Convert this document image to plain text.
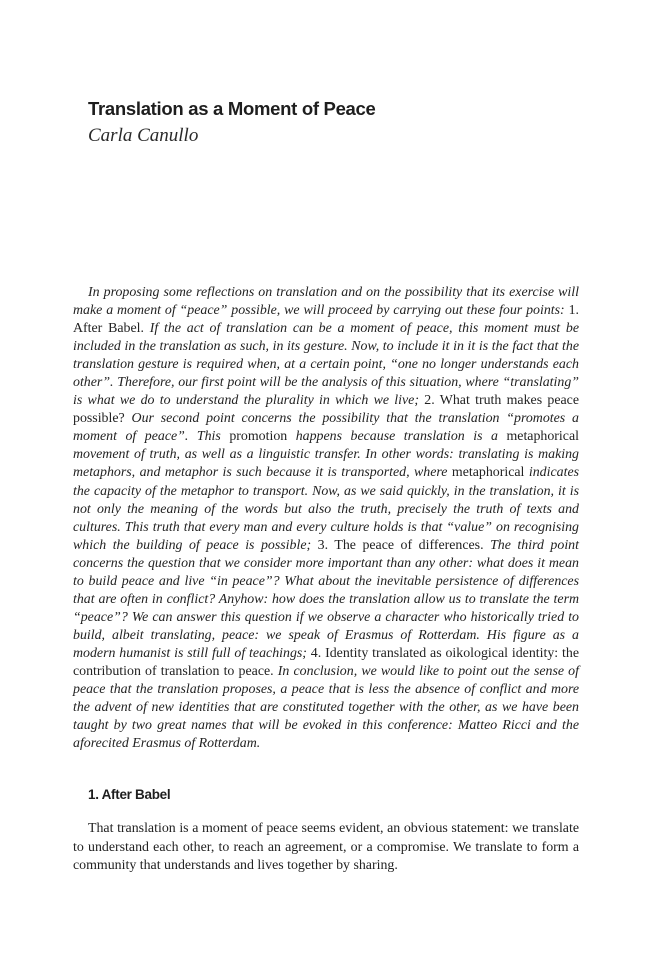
Translation as a Moment of Peace
Carla Canullo

In proposing some reflections on translation and on the possibility that its exercise will make a moment of “peace” possible, we will proceed by carrying out these four points: 1. After Babel. If the act of translation can be a moment of peace, this moment must be included in the translation as such, in its gesture. Now, to include it in it is the fact that the translation gesture is required when, at a certain point, “one no longer understands each other”. Therefore, our first point will be the analysis of this situation, where “translating” is what we do to understand the plurality in which we live; 2. What truth makes peace possible? Our second point concerns the possibility that the translation “promotes a moment of peace”. This promotion happens because translation is a metaphorical movement of truth, as well as a linguistic transfer. In other words: translating is making metaphors, and metaphor is such because it is transported, where metaphorical indicates the capacity of the metaphor to transport. Now, as we said quickly, in the translation, it is not only the meaning of the words but also the truth, precisely the truth of texts and cultures. This truth that every man and every culture holds is that “value” on recognising which the building of peace is possible; 3. The peace of differences. The third point concerns the question that we consider more important than any other: what does it mean to build peace and live “in peace”? What about the inevitable persistence of differences that are often in conflict? Anyhow: how does the translation allow us to translate the term “peace”? We can answer this question if we observe a character who historically tried to build, albeit translating, peace: we speak of Erasmus of Rotterdam. His figure as a modern humanist is still full of teachings; 4. Identity translated as oikological identity: the contribution of translation to peace. In conclusion, we would like to point out the sense of peace that the translation proposes, a peace that is less the absence of conflict and more the advent of new identities that are constituted together with the other, as we have been taught by two great names that will be evoked in this conference: Matteo Ricci and the aforecited Erasmus of Rotterdam.

1. After Babel

That translation is a moment of peace seems evident, an obvious statement: we translate to understand each other, to reach an agreement, or a compromise. We translate to form a community that understands and lives together by sharing.
